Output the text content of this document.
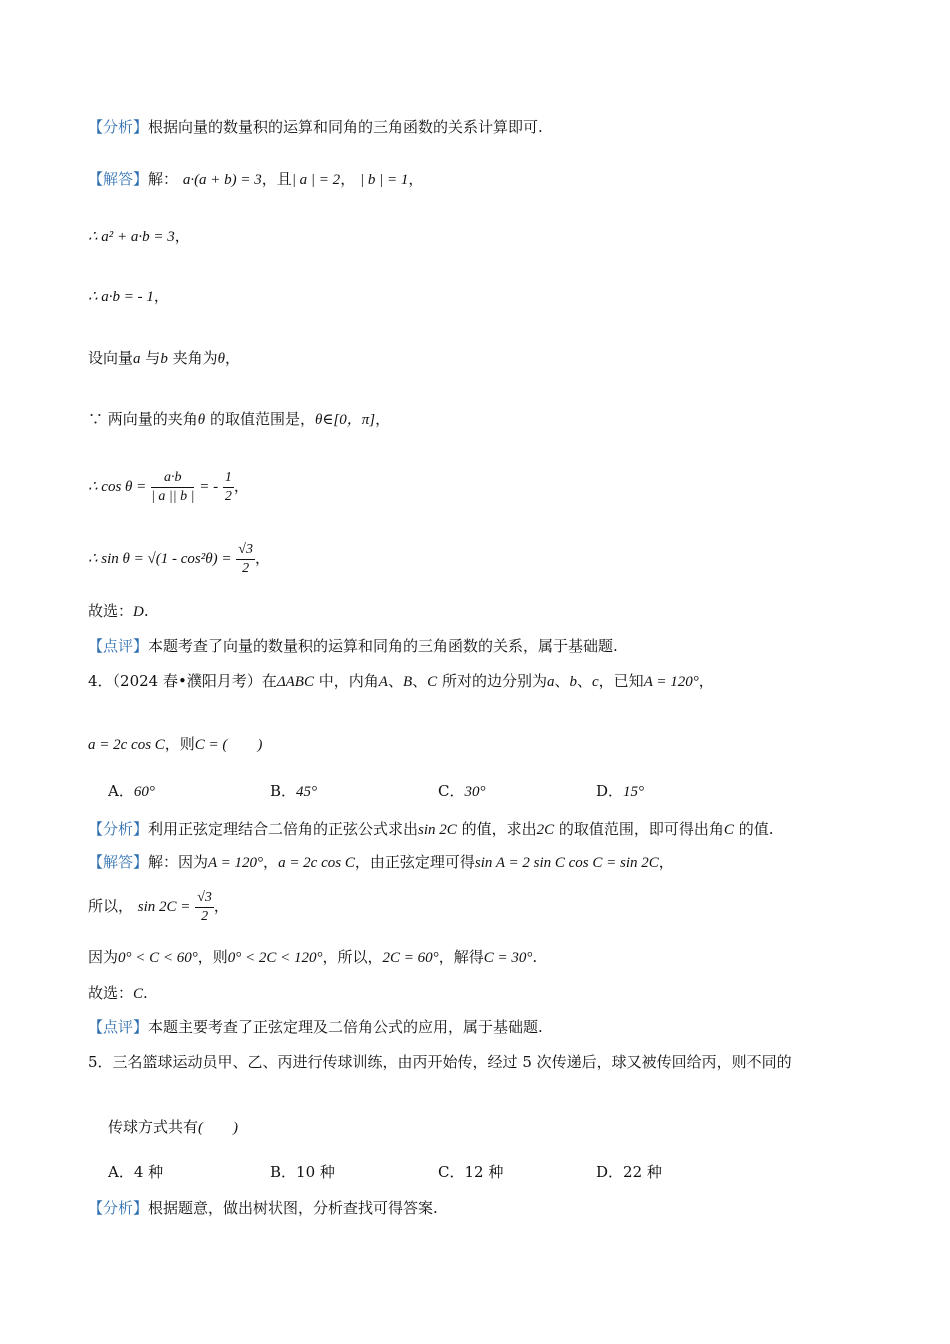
【分析】根据向量的数量积的运算和同角的三角函数的关系计算即可.
【解答】解： a·(a + b) = 3，且| a | = 2， | b | = 1，
∴ a² + a·b = 3，
∴ a·b = - 1，
设向量a 与b 夹角为θ，
∵ 两向量的夹角θ 的取值范围是，θ∈[0，π]，
∴ $\cos \theta = \frac{a\cdot b}{| a || b |}$ = - $\frac{1}{2}$ ，
∴ $\sin \theta = √(1 - \cos^2\theta) = \frac{√3}{2}$ ，
故选：D.
【点评】本题考查了向量的数量积的运算和同角的三角函数的关系，属于基础题.
4．（2024 春•濮阳月考）在ΔABC 中，内角A、B、C 所对的边分别为a、b、c，已知A = 120°，
a = 2c cos C，则C = (　　)
A．60°	B．45°	C．30°	D．15°
【分析】利用正弦定理结合二倍角的正弦公式求出sin 2C 的值，求出2C 的取值范围，即可得出角C 的值.
【解答】解：因为A = 120°，a = 2c cos C，由正弦定理可得sin A = 2 sin C cos C = sin 2C，
所以， $\sin 2C = \frac{√3}{2}$ ，
因为0° < C < 60°，则0° < 2C < 120°，所以，2C = 60°，解得C = 30°.
故选：C.
【点评】本题主要考查了正弦定理及二倍角公式的应用，属于基础题.
5．三名篮球运动员甲、乙、丙进行传球训练，由丙开始传，经过 5 次传递后，球又被传回给丙，则不同的
传球方式共有(　　)
A．4 种	B．10 种	C．12 种	D．22 种
【分析】根据题意，做出树状图，分析查找可得答案.
